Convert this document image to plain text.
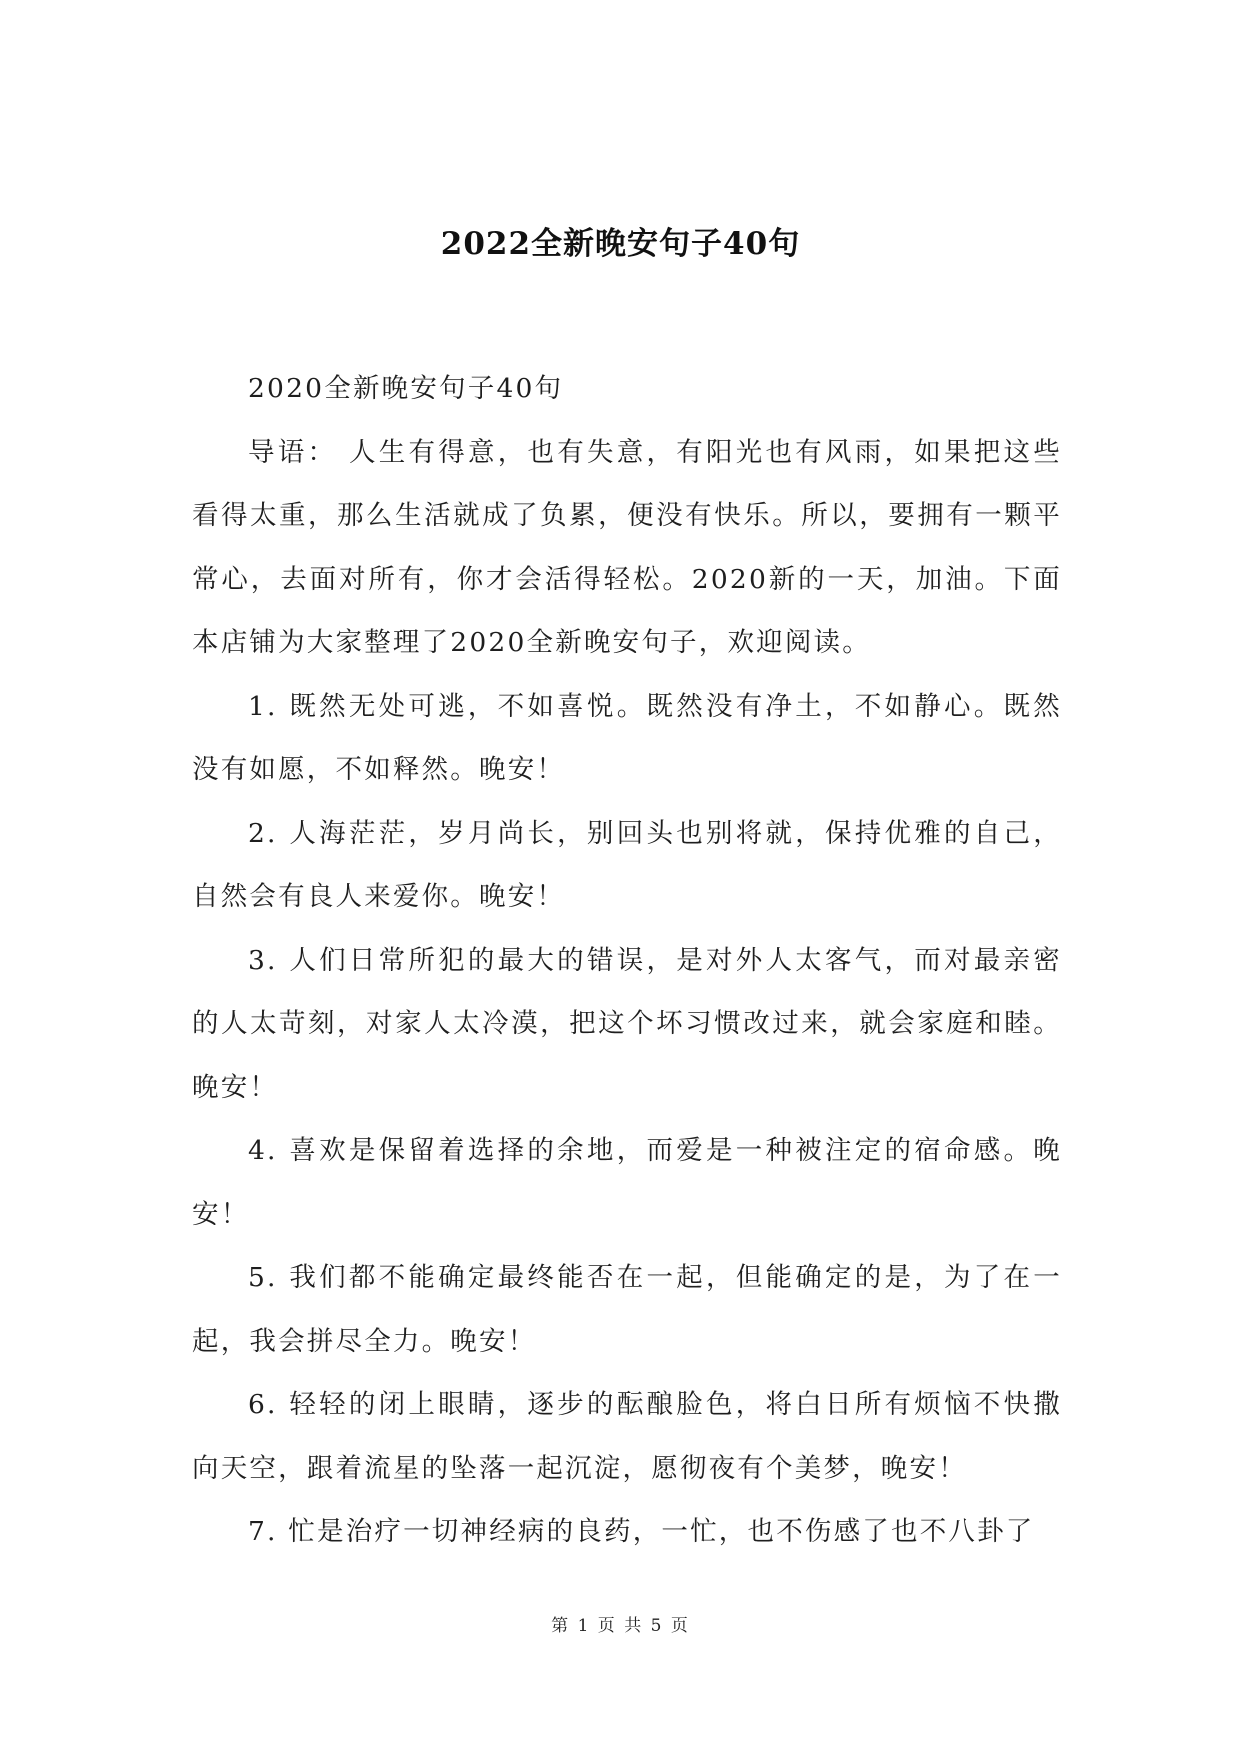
2022全新晚安句子40句

2020全新晚安句子40句

导语： 人生有得意，也有失意，有阳光也有风雨，如果把这些看得太重，那么生活就成了负累，便没有快乐。所以，要拥有一颗平常心，去面对所有，你才会活得轻松。2020新的一天，加油。下面本店铺为大家整理了2020全新晚安句子，欢迎阅读。

1. 既然无处可逃，不如喜悦。既然没有净土，不如静心。既然没有如愿，不如释然。晚安！

2. 人海茫茫，岁月尚长，别回头也别将就，保持优雅的自己，自然会有良人来爱你。晚安！

3. 人们日常所犯的最大的错误，是对外人太客气，而对最亲密的人太苛刻，对家人太冷漠，把这个坏习惯改过来，就会家庭和睦。晚安！

4. 喜欢是保留着选择的余地，而爱是一种被注定的宿命感。晚安！

5. 我们都不能确定最终能否在一起，但能确定的是，为了在一起，我会拼尽全力。晚安！

6. 轻轻的闭上眼睛，逐步的酝酿脸色，将白日所有烦恼不快撒向天空，跟着流星的坠落一起沉淀，愿彻夜有个美梦，晚安！

7. 忙是治疗一切神经病的良药，一忙，也不伤感了也不八卦了

第 1 页 共 5 页
